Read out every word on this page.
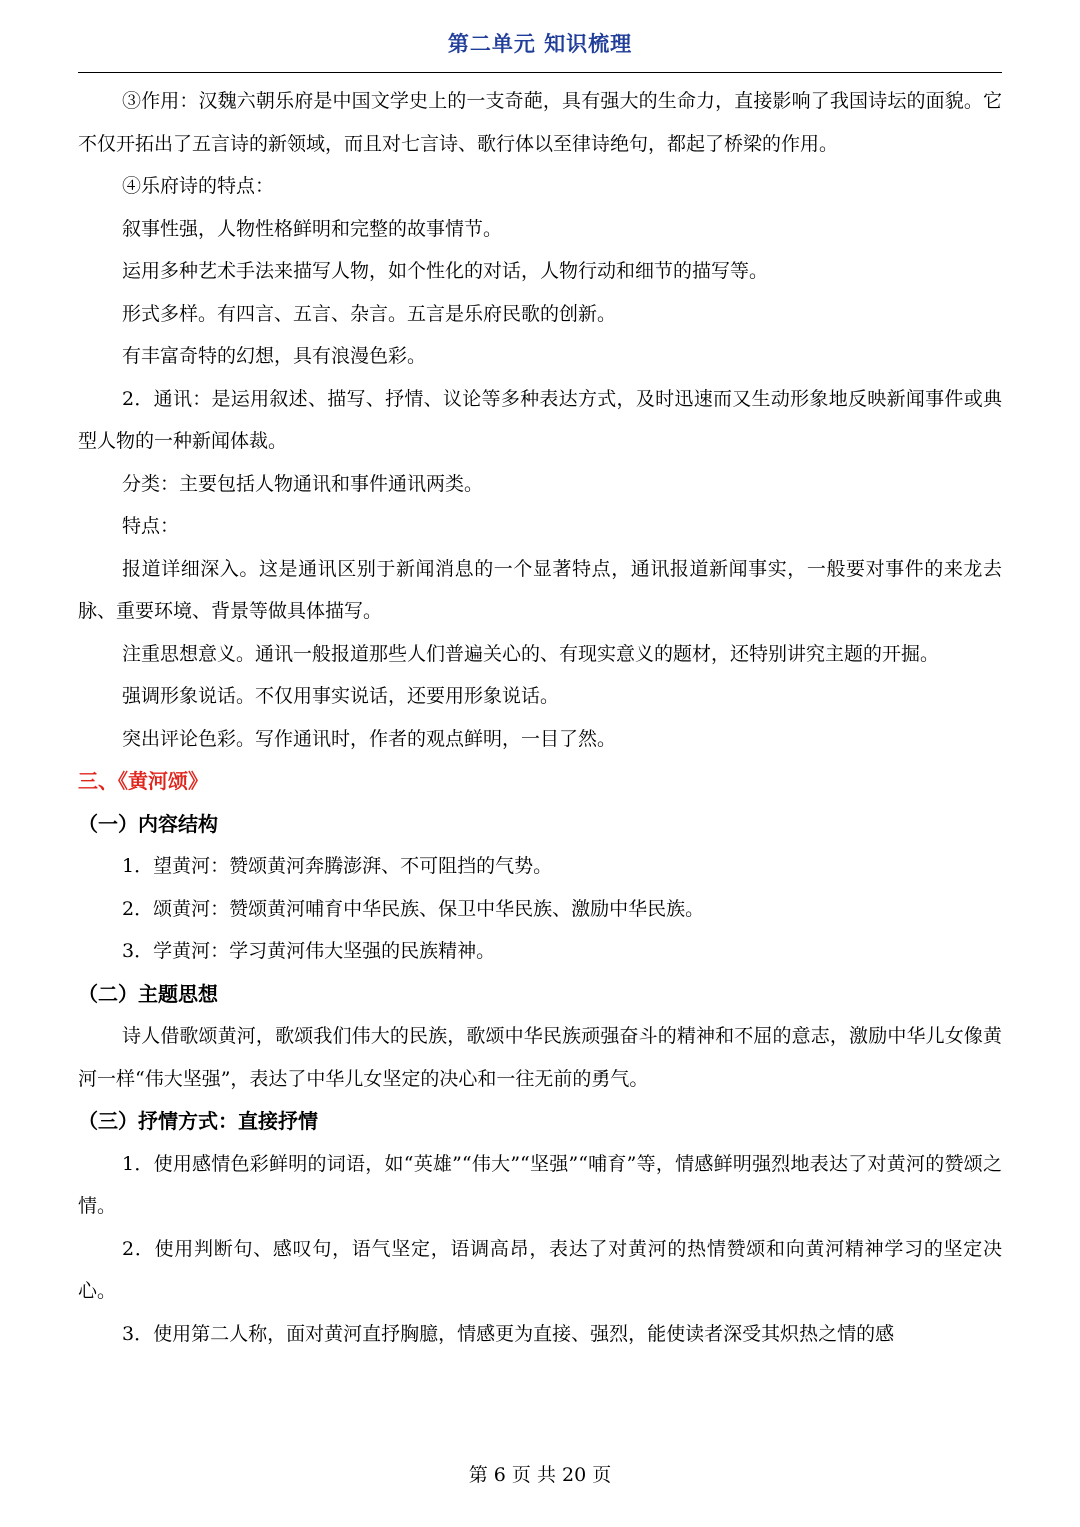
第二单元 知识梳理

③作用：汉魏六朝乐府是中国文学史上的一支奇葩，具有强大的生命力，直接影响了我国诗坛的面貌。它不仅开拓出了五言诗的新领域，而且对七言诗、歌行体以至律诗绝句，都起了桥梁的作用。

④乐府诗的特点：

叙事性强，人物性格鲜明和完整的故事情节。

运用多种艺术手法来描写人物，如个性化的对话，人物行动和细节的描写等。

形式多样。有四言、五言、杂言。五言是乐府民歌的创新。

有丰富奇特的幻想，具有浪漫色彩。

2．通讯：是运用叙述、描写、抒情、议论等多种表达方式，及时迅速而又生动形象地反映新闻事件或典型人物的一种新闻体裁。

分类：主要包括人物通讯和事件通讯两类。

特点：

报道详细深入。这是通讯区别于新闻消息的一个显著特点，通讯报道新闻事实，一般要对事件的来龙去脉、重要环境、背景等做具体描写。

注重思想意义。通讯一般报道那些人们普遍关心的、有现实意义的题材，还特别讲究主题的开掘。

强调形象说话。不仅用事实说话，还要用形象说话。

突出评论色彩。写作通讯时，作者的观点鲜明，一目了然。

三、《黄河颂》
（一）内容结构

1．望黄河：赞颂黄河奔腾澎湃、不可阻挡的气势。

2．颂黄河：赞颂黄河哺育中华民族、保卫中华民族、激励中华民族。

3．学黄河：学习黄河伟大坚强的民族精神。

（二）主题思想

诗人借歌颂黄河，歌颂我们伟大的民族，歌颂中华民族顽强奋斗的精神和不屈的意志，激励中华儿女像黄河一样“伟大坚强”，表达了中华儿女坚定的决心和一往无前的勇气。

（三）抒情方式：直接抒情

1．使用感情色彩鲜明的词语，如“英雄”“伟大”“坚强”“哺育”等，情感鲜明强烈地表达了对黄河的赞颂之情。

2．使用判断句、感叹句，语气坚定，语调高昂，表达了对黄河的热情赞颂和向黄河精神学习的坚定决心。

3．使用第二人称，面对黄河直抒胸臆，情感更为直接、强烈，能使读者深受其炽热之情的感

第 6 页 共 20 页
